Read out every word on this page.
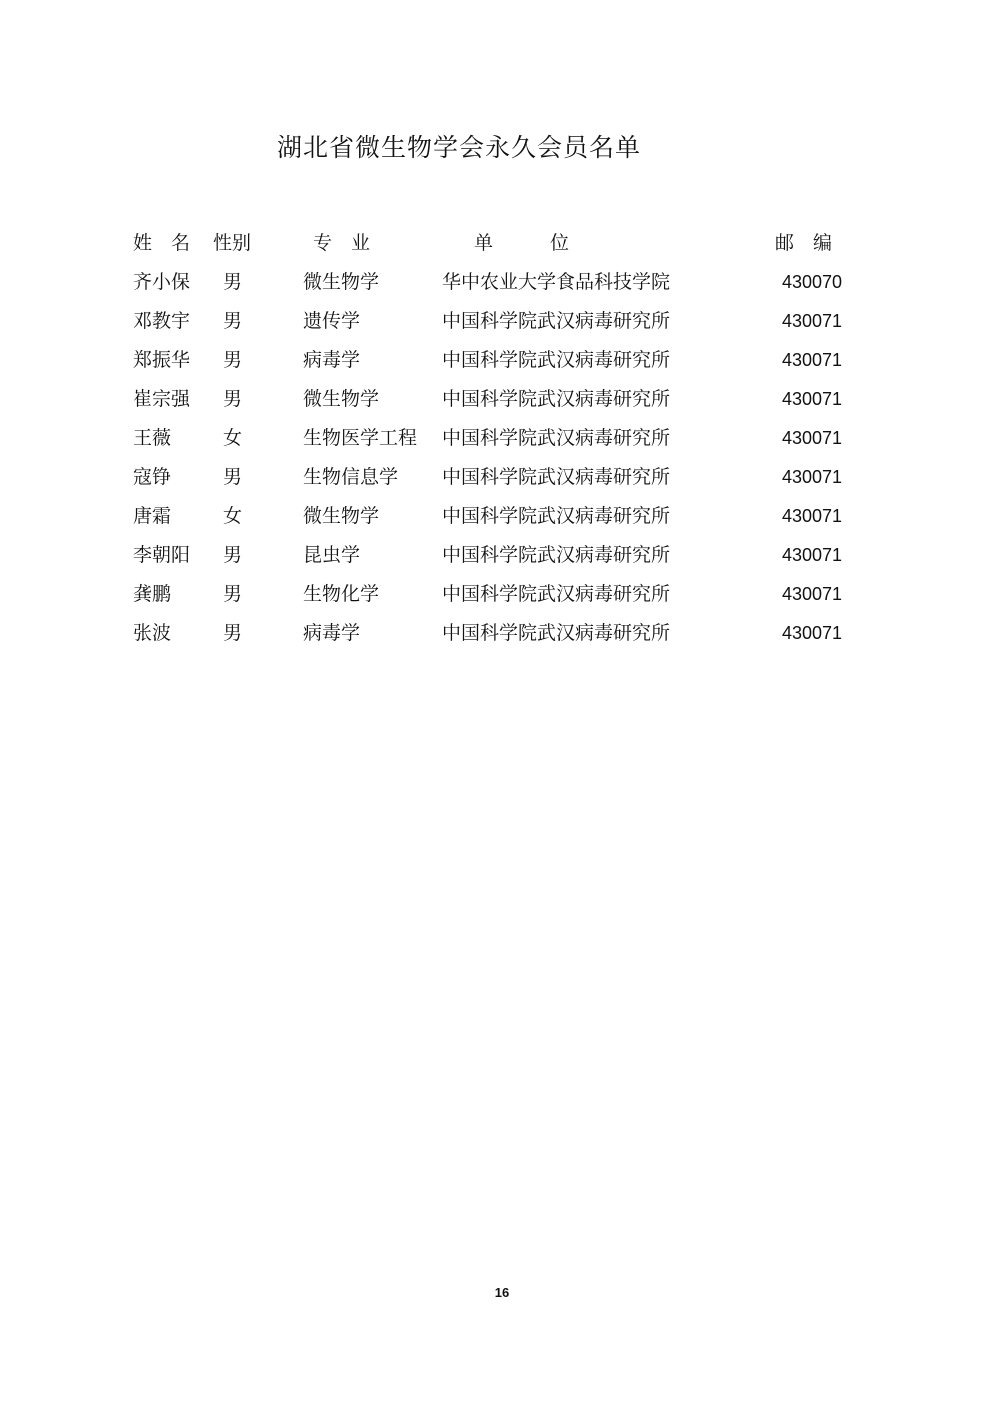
湖北省微生物学会永久会员名单
姓　名 性别	专　业	单　　　位	邮　编
齐小保 男	微生物学	华中农业大学食品科技学院	430070
邓教宇 男	遗传学	中国科学院武汉病毒研究所	430071
郑振华 男	病毒学	中国科学院武汉病毒研究所	430071
崔宗强 男	微生物学	中国科学院武汉病毒研究所	430071
王薇	女	生物医学工程 中国科学院武汉病毒研究所	430071
寇铮	男	生物信息学 中国科学院武汉病毒研究所	430071
唐霜	女	微生物学	中国科学院武汉病毒研究所	430071
李朝阳 男	昆虫学	中国科学院武汉病毒研究所	430071
龚鹏	男	生物化学	中国科学院武汉病毒研究所	430071
张波	男	病毒学	中国科学院武汉病毒研究所	430071
16
